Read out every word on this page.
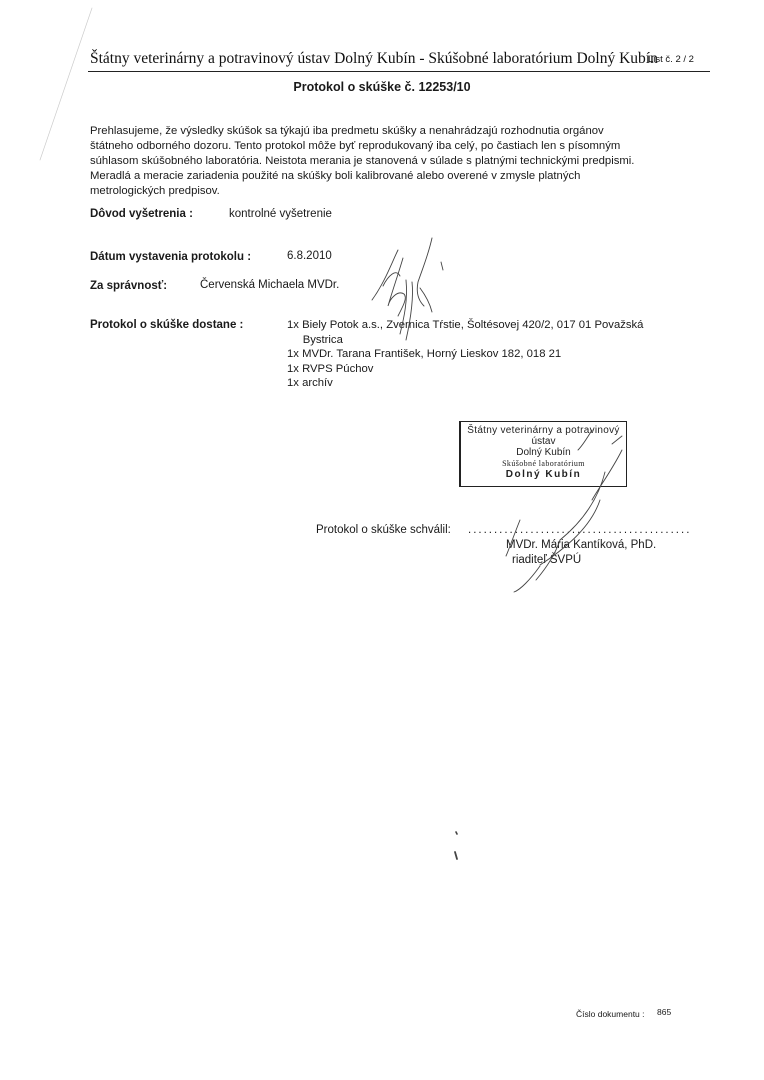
Štátny veterinárny a potravinový ústav Dolný Kubín - Skúšobné laboratórium Dolný Kubín
List č. 2 / 2
Protokol o skúške č. 12253/10
Prehlasujeme, že výsledky skúšok sa týkajú iba predmetu skúšky a nenahrádzajú rozhodnutia orgánov
štátneho odborného dozoru. Tento protokol môže byť reprodukovaný iba celý, po častiach len s písomným
súhlasom skúšobného laboratória. Neistota merania je stanovená v súlade s platnými technickými predpismi.
Meradlá a meracie zariadenia použité na skúšky boli kalibrované alebo overené v zmysle platných
metrologických predpisov.
Dôvod vyšetrenia :	kontrolné vyšetrenie
Dátum vystavenia protokolu :	6.8.2010
Za správnosť:	Červenská Michaela MVDr.
Protokol o skúške dostane :	1x Biely Potok a.s., Zvernica Tŕstie, Šoltésovej 420/2, 017 01 Považská
Bystrica
1x MVDr. Tarana František, Horný Lieskov 182, 018 21
1x RVPS Púchov
1x archív
Štátny veterinárny a potravinový
ústav
Dolný Kubín
Skúšobné laboratórium
Dolný Kubín
Protokol o skúške schválil: ...........................................
MVDr. Mária Kantíková, PhD.
riaditeľ ŠVPÚ
Číslo dokumentu : 865
